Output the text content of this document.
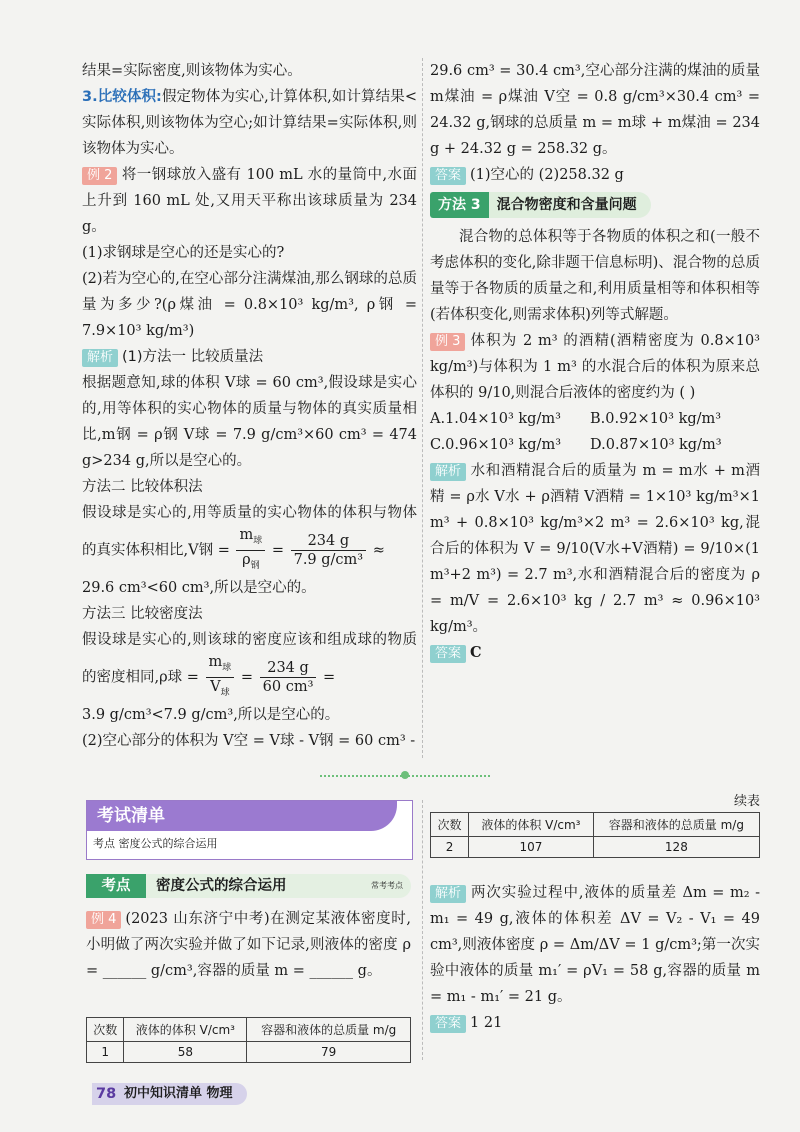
结果=实际密度,则该物体为实心。

3.比较体积:假定物体为实心,计算体积,如计算结果<实际体积,则该物体为空心;如计算结果=实际体积,则该物体为实心。

例 2 将一钢球放入盛有 100 mL 水的量筒中,水面上升到 160 mL 处,又用天平称出该球质量为 234 g。

(1)求钢球是空心的还是实心的?

(2)若为空心的,在空心部分注满煤油,那么钢球的总质量为多少?(ρ煤油 = 0.8×10³ kg/m³, ρ钢 = 7.9×10³ kg/m³)

解析 (1)方法一 比较质量法

根据题意知,球的体积 V球 = 60 cm³,假设球是实心的,用等体积的实心物体的质量与物体的真实质量相比,m钢 = ρ钢 V球 = 7.9 g/cm³×60 cm³ = 474 g>234 g,所以是空心的。

方法二 比较体积法

假设球是实心的,用等质量的实心物体的体积与物体的真实体积相比,V钢 = $\frac{m_球}{\rho_钢} = \frac{234 g}{\text{7.9 g/cm³}}$ ≈

29.6 cm³<60 cm³,所以是空心的。

方法三 比较密度法

假设球是实心的,则该球的密度应该和组成球的物质的密度相同,ρ球 = $\frac{m_球}{V_球} = \frac{234 g}{\text{60 cm³}}$ =

3.9 g/cm³<7.9 g/cm³,所以是空心的。

(2)空心部分的体积为 V空 = V球 - V钢 = 60 cm³ -

29.6 cm³ = 30.4 cm³,空心部分注满的煤油的质量 m煤油 = ρ煤油 V空 = 0.8 g/cm³×30.4 cm³ = 24.32 g,钢球的总质量 m = m球 + m煤油 = 234 g + 24.32 g = 258.32 g。

答案 (1)空心的 (2)258.32 g

方法 3	混合物密度和含量问题

混合物的总体积等于各物质的体积之和(一般不考虑体积的变化,除非题干信息标明)、混合物的总质量等于各物质的质量之和,利用质量相等和体积相等(若体积变化,则需求体积)列等式解题。

例 3 体积为 2 m³ 的酒精(酒精密度为 0.8×10³ kg/m³)与体积为 1 m³ 的水混合后的体积为原来总体积的 9/10,则混合后液体的密度约为 ( )

A.1.04×10³ kg/m³	B.0.92×10³ kg/m³
C.0.96×10³ kg/m³	D.0.87×10³ kg/m³

解析 水和酒精混合后的质量为 m = m水 + m酒精 = ρ水 V水 + ρ酒精 V酒精 = 1×10³ kg/m³×1 m³ + 0.8×10³ kg/m³×2 m³ = 2.6×10³ kg,混合后的体积为 V = 9/10(V水+V酒精) = 9/10×(1 m³+2 m³) = 2.7 m³,水和酒精混合后的密度为 ρ = m/V = 2.6×10³ kg / 2.7 m³ ≈ 0.96×10³ kg/m³。

答案 C

考试清单
考点 密度公式的综合运用
考点	密度公式的综合运用	常考考点

例 4 (2023 山东济宁中考)在测定某液体密度时,小明做了两次实验并做了如下记录,则液体的密度 ρ = ______ g/cm³,容器的质量 m = ______ g。

次数	液体的体积 V/cm³	容器和液体的总质量 m/g
1	58	79
续表
次数	液体的体积 V/cm³	容器和液体的总质量 m/g
2	107	128

解析 两次实验过程中,液体的质量差 Δm = m₂ - m₁ = 49 g,液体的体积差 ΔV = V₂ - V₁ = 49 cm³,则液体密度 ρ = Δm/ΔV = 1 g/cm³;第一次实验中液体的质量 m₁′ = ρV₁ = 58 g,容器的质量 m = m₁ - m₁′ = 21 g。

答案 1 21

78 初中知识清单 物理
